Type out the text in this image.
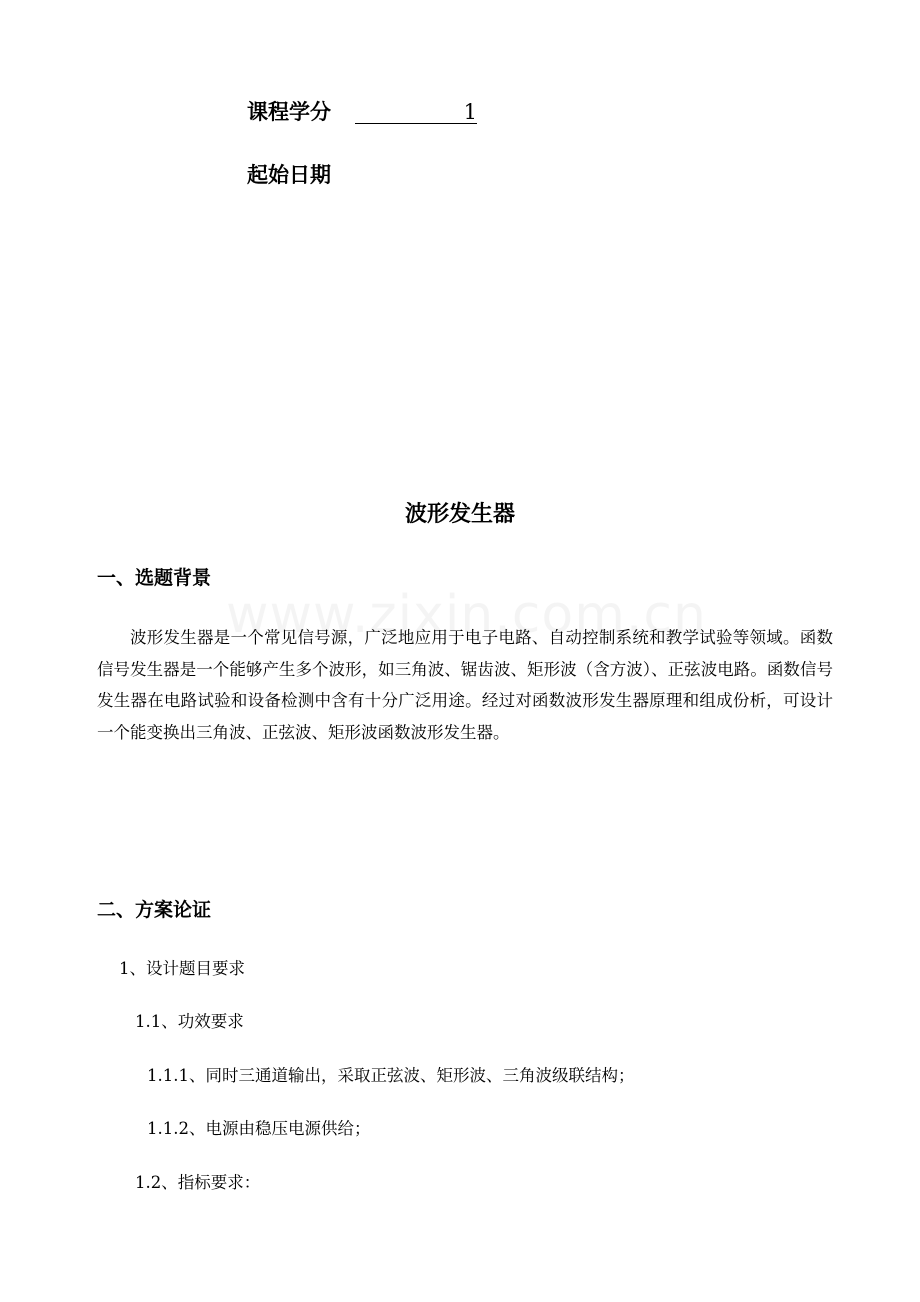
课程学分	1
起始日期
波形发生器
一、选题背景
波形发生器是一个常见信号源，广泛地应用于电子电路、自动控制系统和教学试验等领域。函数信号发生器是一个能够产生多个波形，如三角波、锯齿波、矩形波（含方波）、正弦波电路。函数信号发生器在电路试验和设备检测中含有十分广泛用途。经过对函数波形发生器原理和组成份析，可设计一个能变换出三角波、正弦波、矩形波函数波形发生器。
二、方案论证
1、设计题目要求
1.1、功效要求
1.1.1、同时三通道输出，采取正弦波、矩形波、三角波级联结构；
1.1.2、电源由稳压电源供给；
1.2、指标要求：
